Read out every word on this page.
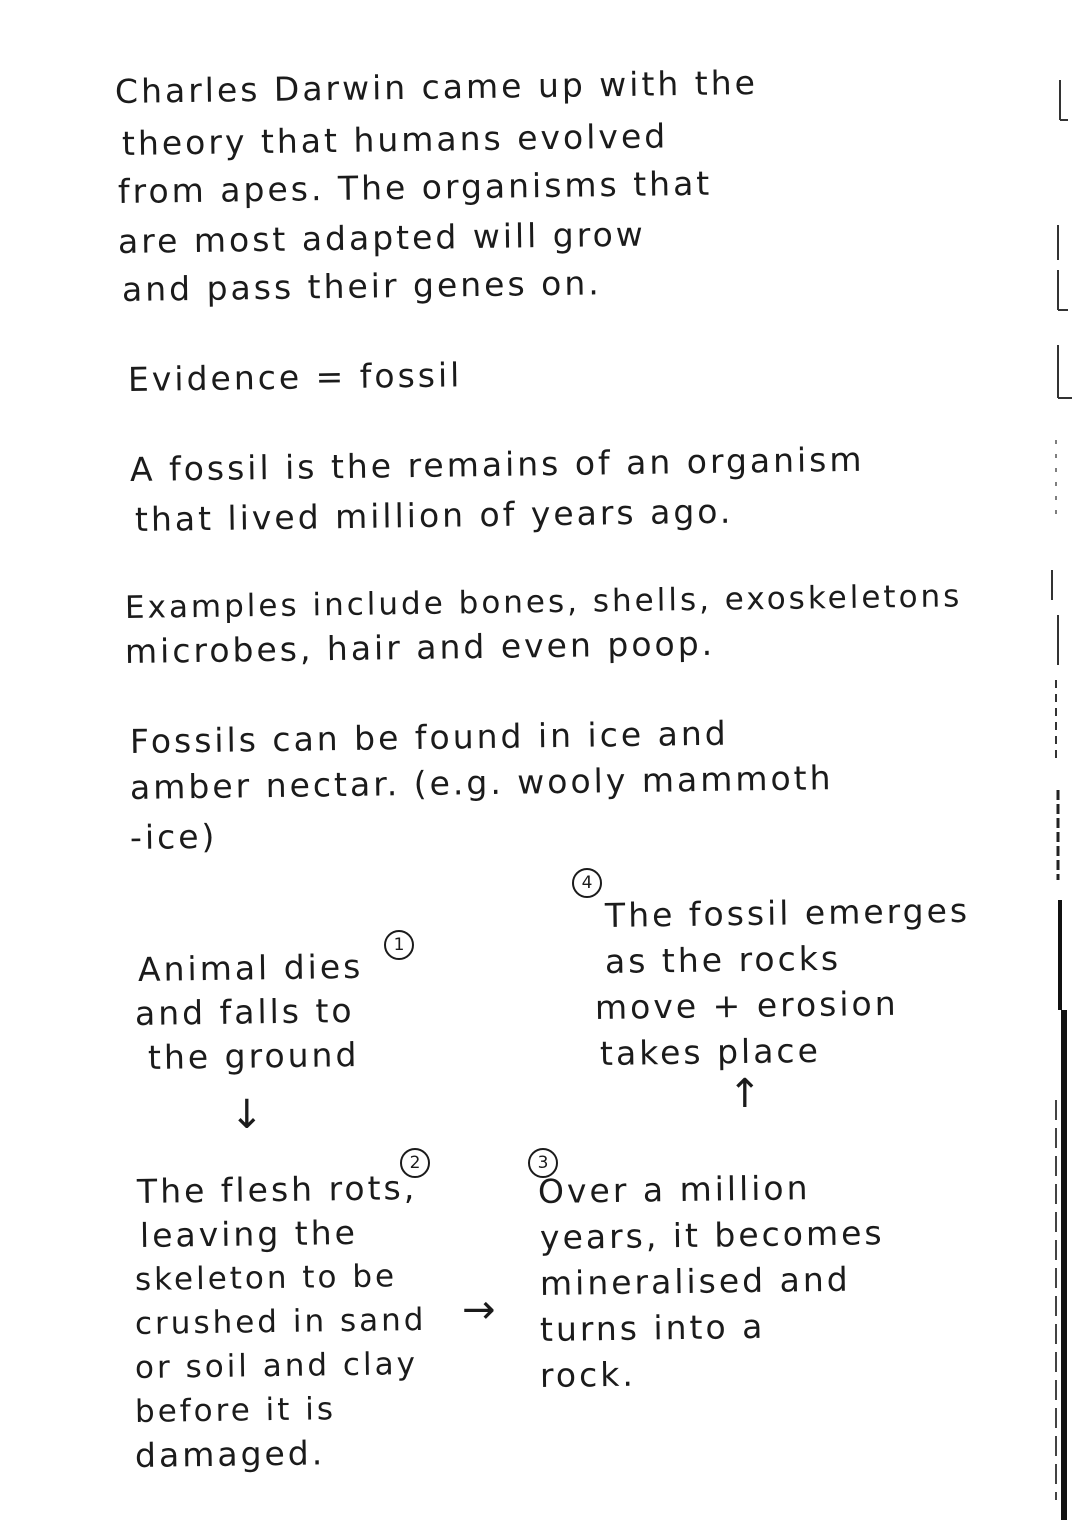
Charles Darwin came up with the
theory that humans evolved
from apes. The organisms that
are most adapted will grow
and pass their genes on.
Evidence = fossil
A fossil is the remains of an organism
that lived million of years ago.
Examples include bones, shells, exoskeletons
microbes, hair and even poop.
Fossils can be found in ice and
amber nectar. (e.g. wooly mammoth
-ice)
1
Animal dies
and falls to
the ground
↓
2
The flesh rots,
leaving the
skeleton to be
crushed in sand
or soil and clay
before it is
damaged.
→
3
Over a million
years, it becomes
mineralised and
turns into a
rock.
↑
4
The fossil emerges
as the rocks
move + erosion
takes place
